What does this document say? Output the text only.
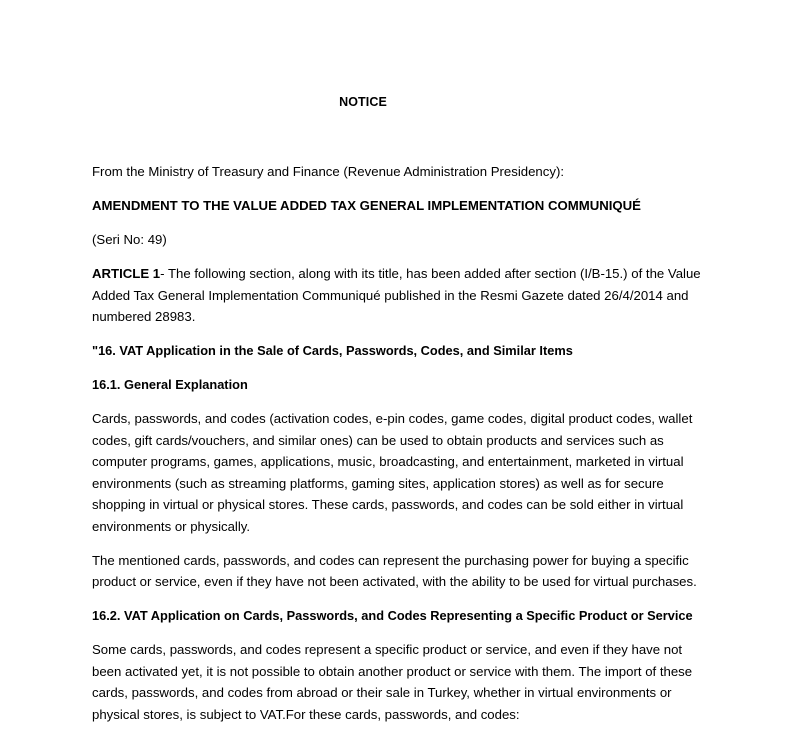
NOTICE

From the Ministry of Treasury and Finance (Revenue Administration Presidency):

AMENDMENT TO THE VALUE ADDED TAX GENERAL IMPLEMENTATION COMMUNIQUÉ

(Seri No: 49)

ARTICLE 1- The following section, along with its title, has been added after section (I/B-15.) of the Value Added Tax General Implementation Communiqué published in the Resmi Gazete dated 26/4/2014 and numbered 28983.

"16. VAT Application in the Sale of Cards, Passwords, Codes, and Similar Items

16.1. General Explanation

Cards, passwords, and codes (activation codes, e-pin codes, game codes, digital product codes, wallet codes, gift cards/vouchers, and similar ones) can be used to obtain products and services such as computer programs, games, applications, music, broadcasting, and entertainment, marketed in virtual environments (such as streaming platforms, gaming sites, application stores) as well as for secure shopping in virtual or physical stores. These cards, passwords, and codes can be sold either in virtual environments or physically.

The mentioned cards, passwords, and codes can represent the purchasing power for buying a specific product or service, even if they have not been activated, with the ability to be used for virtual purchases.

16.2. VAT Application on Cards, Passwords, and Codes Representing a Specific Product or Service

Some cards, passwords, and codes represent a specific product or service, and even if they have not been activated yet, it is not possible to obtain another product or service with them. The import of these cards, passwords, and codes from abroad or their sale in Turkey, whether in virtual environments or physical stores, is subject to VAT.For these cards, passwords, and codes:
